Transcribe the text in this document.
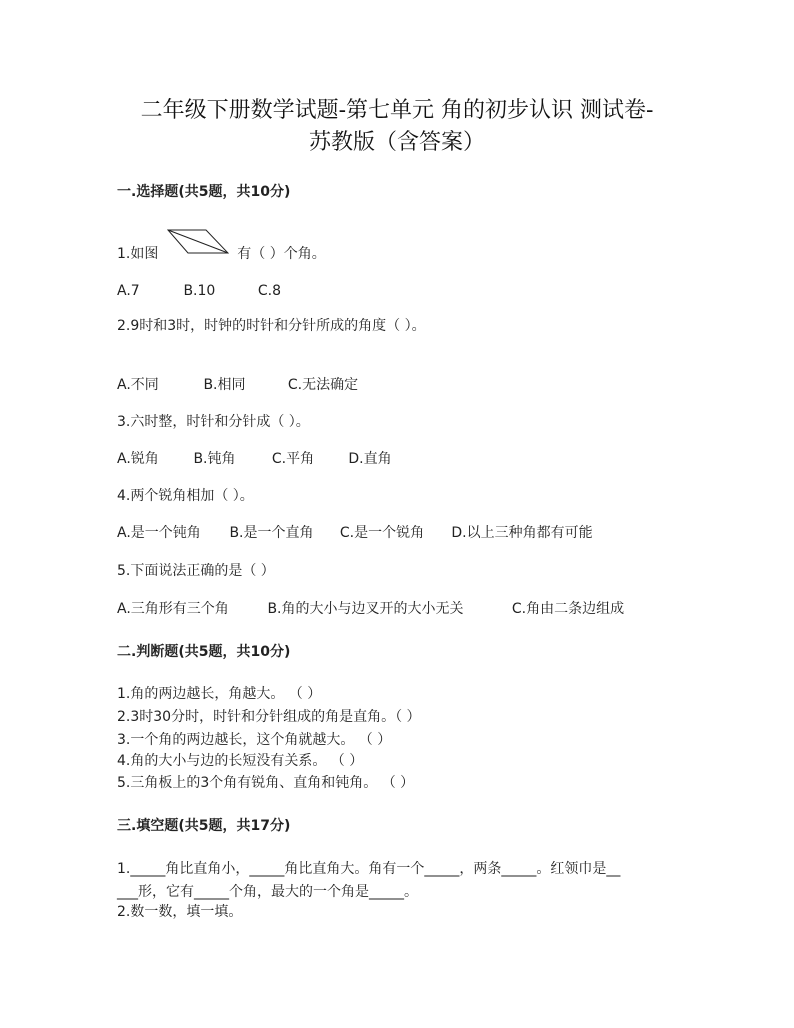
二年级下册数学试题-第七单元 角的初步认识 测试卷-
苏教版（含答案）
一.选择题(共5题，共10分)
1.如图	有（ ）个角。
A.7	B.10	C.8
2.9时和3时，时钟的时针和分针所成的角度（ ）。
A.不同	B.相同	C.无法确定
3.六时整，时针和分针成（ ）。
A.锐角 B.钝角	C.平角 D.直角
4.两个锐角相加（ ）。
A.是一个钝角 B.是一个直角 C.是一个锐角 D.以上三种角都有可能
5.下面说法正确的是（ ）
A.三角形有三个角	B.角的大小与边叉开的大小无关	C.角由二条边组成
二.判断题(共5题，共10分)
1.角的两边越长，角越大。 （ ）
2.3时30分时，时针和分针组成的角是直角。（ ）
3.一个角的两边越长，这个角就越大。 （ ）
4.角的大小与边的长短没有关系。 （ ）
5.三角板上的3个角有锐角、直角和钝角。 （ ）
三.填空题(共5题，共17分)
1._____角比直角小，_____角比直角大。角有一个_____，两条_____。红领巾是__
___形，它有_____个角，最大的一个角是_____。
2.数一数，填一填。
